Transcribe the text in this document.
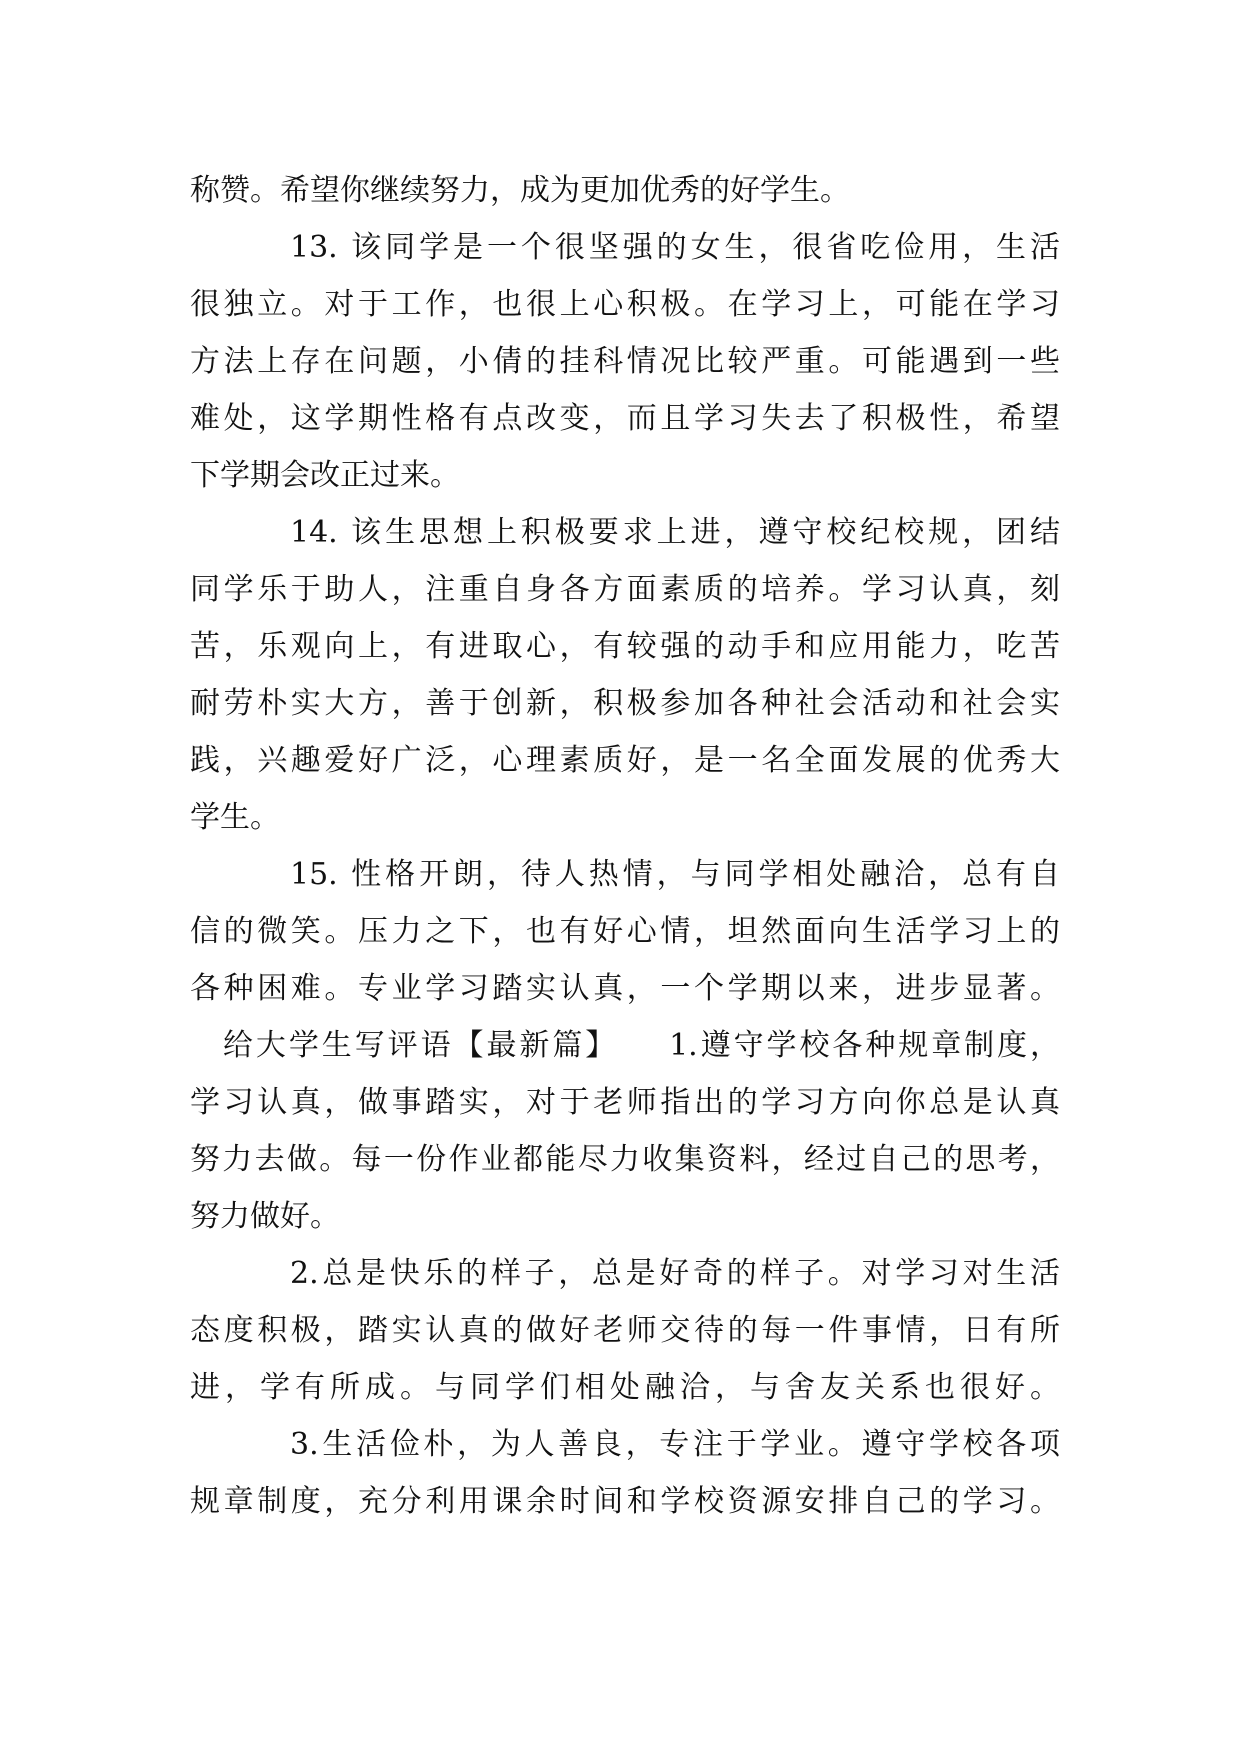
称赞。希望你继续努力，成为更加优秀的好学生。
13. 该同学是一个很坚强的女生，很省吃俭用，生活
很独立。对于工作，也很上心积极。在学习上，可能在学习
方法上存在问题，小倩的挂科情况比较严重。可能遇到一些
难处，这学期性格有点改变，而且学习失去了积极性，希望
下学期会改正过来。
14. 该生思想上积极要求上进，遵守校纪校规，团结
同学乐于助人，注重自身各方面素质的培养。学习认真，刻
苦，乐观向上，有进取心，有较强的动手和应用能力，吃苦
耐劳朴实大方，善于创新，积极参加各种社会活动和社会实
践，兴趣爱好广泛，心理素质好，是一名全面发展的优秀大
学生。
15. 性格开朗，待人热情，与同学相处融洽，总有自
信的微笑。压力之下，也有好心情，坦然面向生活学习上的
各种困难。专业学习踏实认真，一个学期以来，进步显著。
给大学生写评语【最新篇】　　1.遵守学校各种规章制度，
学习认真，做事踏实，对于老师指出的学习方向你总是认真
努力去做。每一份作业都能尽力收集资料，经过自己的思考，
努力做好。
2.总是快乐的样子，总是好奇的样子。对学习对生活
态度积极，踏实认真的做好老师交待的每一件事情，日有所
进，学有所成。与同学们相处融洽，与舍友关系也很好。
3.生活俭朴，为人善良，专注于学业。遵守学校各项
规章制度，充分利用课余时间和学校资源安排自己的学习。
